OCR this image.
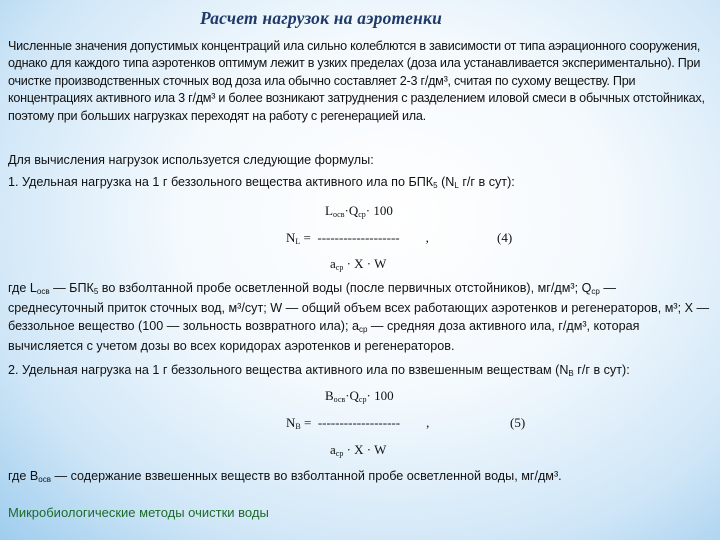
Расчет нагрузок на аэротенки
Численные значения допустимых концентраций ила сильно колеблются в зависимости от типа аэрационного сооружения, однако для каждого типа аэротенков оптимум лежит в узких пределах (доза ила устанавливается экспериментально). При очистке производственных сточных вод доза ила обычно составляет 2-3 г/дм³, считая по сухому веществу. При концентрациях активного ила 3 г/дм³ и более возникают затруднения с разделением иловой смеси в обычных отстойниках, поэтому при больших нагрузках переходят на работу с регенерацией ила.
Для вычисления нагрузок используется следующие формулы:
1. Удельная нагрузка на 1 г беззольного вещества активного ила по $БПК_5$ ($N_L$ г/г в сут):
$L_{осв}\cdot Q_{ср}\cdot 100$
$N_L$ =  -------------------        ,	(4)
$a_{ср} \cdot X \cdot W$
где $L_{осв}$ — $БПК_5$ во взболтанной пробе осветленной воды (после первичных отстойников), мг/дм³; $Q_{ср}$ — среднесуточный приток сточных вод, м³/сут; W — общий объем всех работающих аэротенков и регенераторов, м³; X — беззольное вещество (100 — зольность возвратного ила); $a_{ср}$ — средняя доза активного ила, г/дм³, которая вычисляется с учетом дозы во всех коридорах аэротенков и регенераторов.
2. Удельная нагрузка на 1 г беззольного вещества активного ила по взвешенным веществам ($N_B$ г/г в сут):
$B_{осв}\cdot Q_{ср}\cdot 100$
$N_B$ =  -------------------        ,	(5)
$a_{ср} \cdot X \cdot W$
где $B_{осв}$ — содержание взвешенных веществ во взболтанной пробе осветленной воды, мг/дм³.
Микробиологические методы очистки воды
